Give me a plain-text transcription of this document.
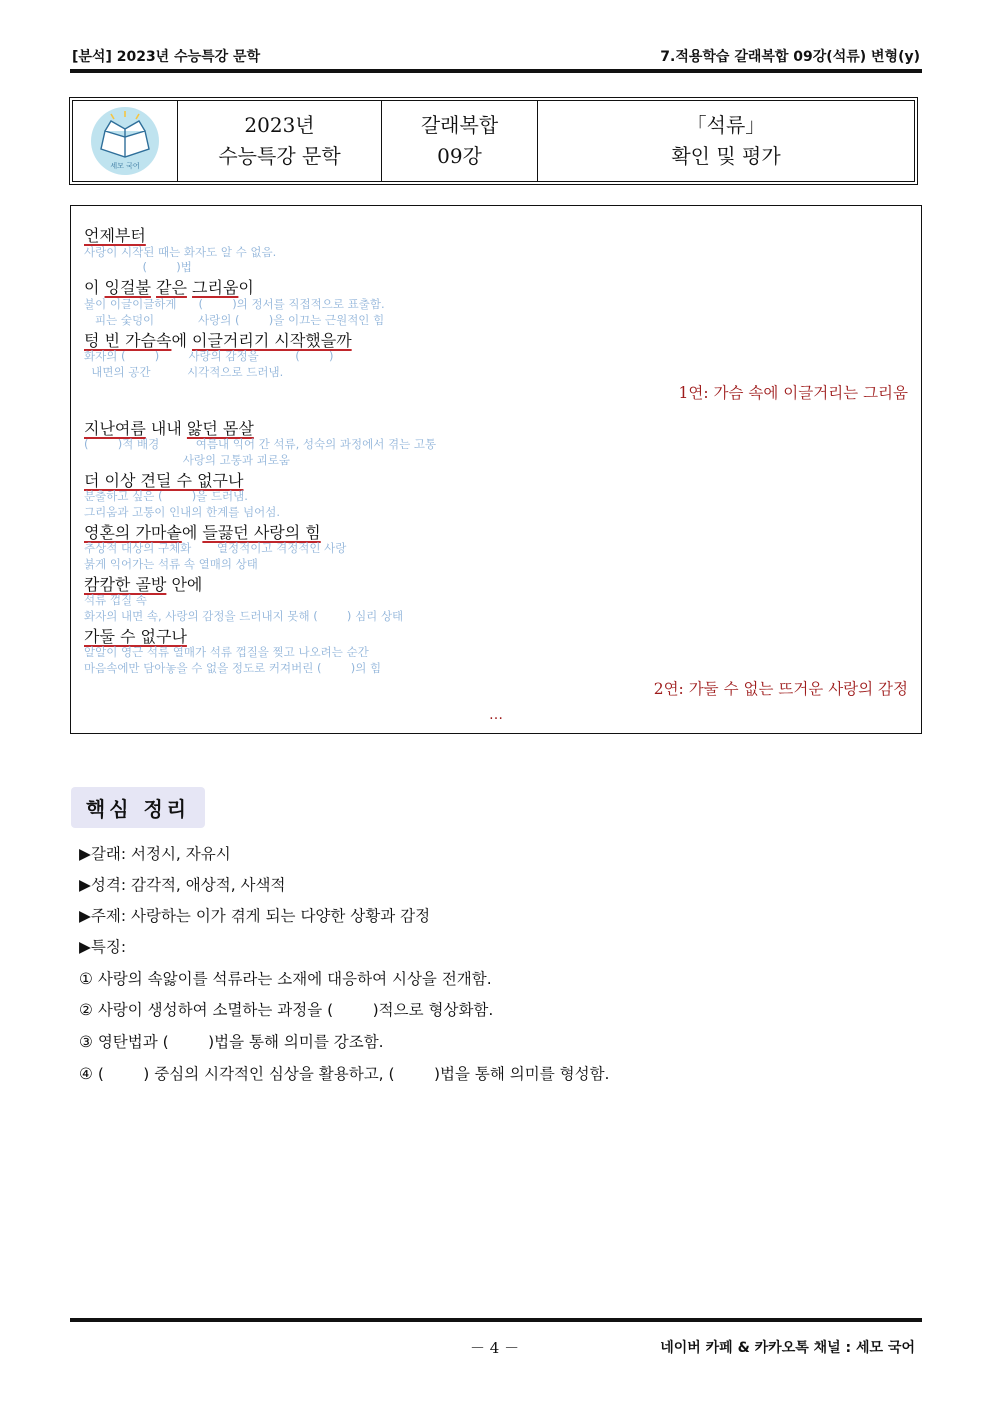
[분석] 2023년 수능특강 문학	7.적용학습 갈래복합 09강(석류) 변형(y)
세모 국어
2023년
수능특강 문학
갈래복합
09강
「석류」
확인 및 평가
언제부터
사랑이 시작된 때는 화자도 알 수 없음.
(        )법
이 잉걸불 같은 그리움이
불이 이글이글하게      (        )의 정서를 직접적으로 표출함.
피는 숯덩이            사랑의 (        )을 이끄는 근원적인 힘
텅 빈 가슴속에 이글거리기 시작했을까
화자의 (        )        사랑의 감정을          (        )
내면의 공간          시각적으로 드러냄.
1연: 가슴 속에 이글거리는 그리움
지난여름 내내 앓던 몸살
(        )적 배경          여름내 익어 간 석류, 성숙의 과정에서 겪는 고통
사랑의 고통과 괴로움
더 이상 견딜 수 없구나
분출하고 싶은 (        )을 드러냄.
그리움과 고통이 인내의 한계를 넘어섬.
영혼의 가마솥에 들끓던 사랑의 힘
추상적 대상의 구체화       열정적이고 격정적인 사랑
붉게 익어가는 석류 속 열매의 상태
캄캄한 골방 안에
석류 껍질 속
화자의 내면 속, 사랑의 감정을 드러내지 못해 (        ) 심리 상태
가둘 수 없구나
알알이 영근 석류 열매가 석류 껍질을 찢고 나오려는 순간
마음속에만 담아놓을 수 없을 정도로 커져버린 (        )의 힘
2연: 가둘 수 없는 뜨거운 사랑의 감정
…
핵심 정리
▶갈래: 서정시, 자유시
▶성격: 감각적, 애상적, 사색적
▶주제: 사랑하는 이가 겪게 되는 다양한 상황과 감정
▶특징:
① 사랑의 속앓이를 석류라는 소재에 대응하여 시상을 전개함.
② 사랑이 생성하여 소멸하는 과정을 (        )적으로 형상화함.
③ 영탄법과 (        )법을 통해 의미를 강조함.
④ (        ) 중심의 시각적인 심상을 활용하고, (        )법을 통해 의미를 형성함.
－ 4 －	네이버 카페 & 카카오톡 채널 : 세모 국어
